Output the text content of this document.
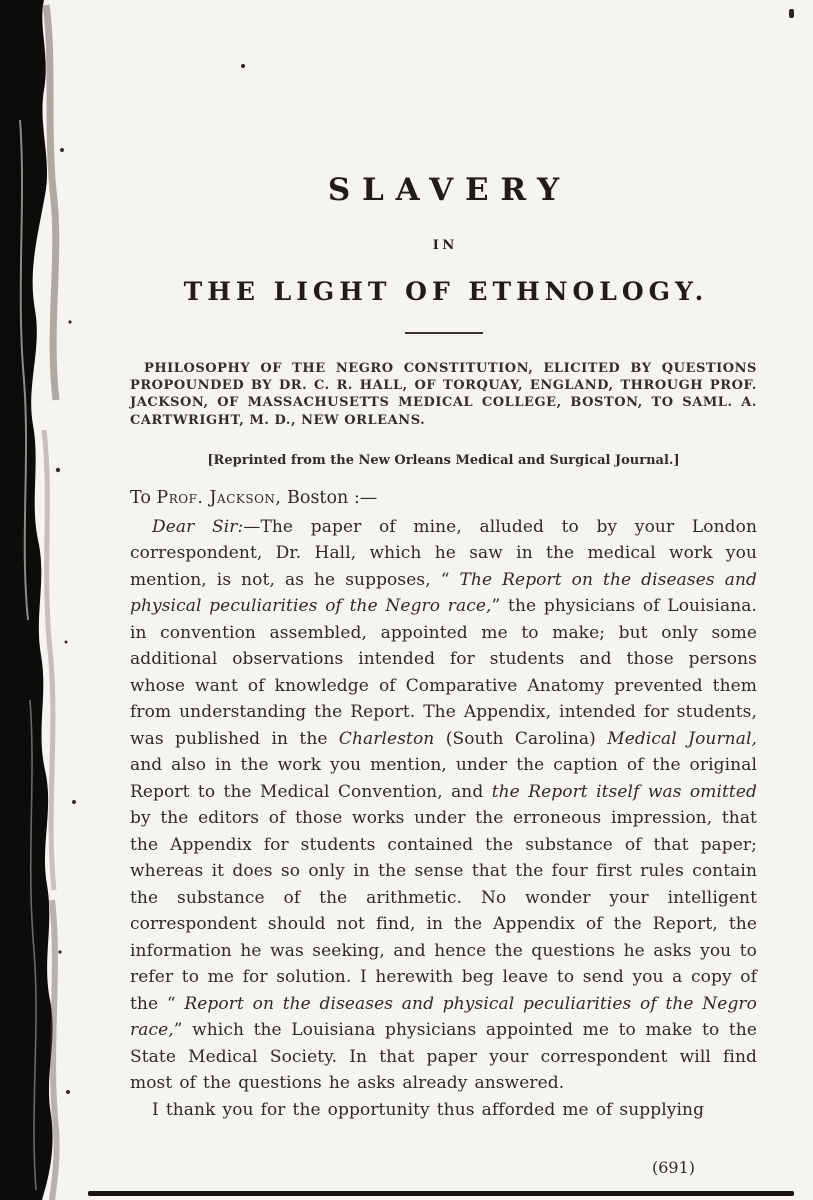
SLAVERY
IN
THE LIGHT OF ETHNOLOGY.

PHILOSOPHY OF THE NEGRO CONSTITUTION, ELICITED BY QUESTIONS PROPOUNDED BY DR. C. R. HALL, OF TORQUAY, ENGLAND, THROUGH PROF. JACKSON, OF MASSACHUSETTS MEDICAL COLLEGE, BOSTON, TO SAML. A. CARTWRIGHT, M. D., NEW ORLEANS.

[Reprinted from the New Orleans Medical and Surgical Journal.]

To Prof. Jackson, Boston :—

Dear Sir:—The paper of mine, alluded to by your London correspondent, Dr. Hall, which he saw in the medical work you mention, is not, as he supposes, “ The Report on the diseases and physical peculiarities of the Negro race,” the physicians of Louisiana. in convention assembled, appointed me to make; but only some additional observations intended for students and those persons whose want of knowledge of Comparative Anatomy prevented them from understanding the Report. The Appendix, intended for students, was published in the Charleston (South Carolina) Medical Journal, and also in the work you mention, under the caption of the original Report to the Medical Convention, and the Report itself was omitted by the editors of those works under the erroneous impression, that the Appendix for students contained the substance of that paper; whereas it does so only in the sense that the four first rules contain the substance of the arithmetic. No wonder your intelligent correspondent should not find, in the Appendix of the Report, the information he was seeking, and hence the questions he asks you to refer to me for solution. I herewith beg leave to send you a copy of the “ Report on the diseases and physical peculiarities of the Negro race,” which the Louisiana physicians appointed me to make to the State Medical Society. In that paper your correspondent will find most of the questions he asks already answered.

I thank you for the opportunity thus afforded me of supplying

(691)
